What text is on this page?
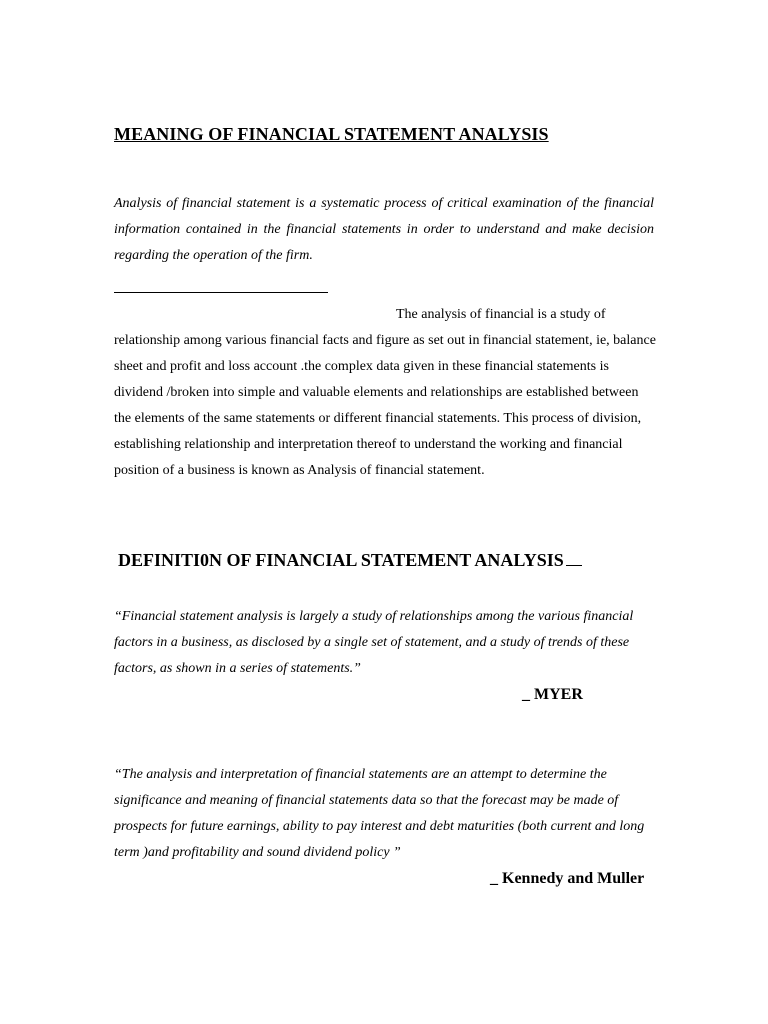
MEANING OF FINANCIAL STATEMENT ANALYSIS

Analysis of financial statement is a systematic process of critical examination of the financial information contained in the financial statements in order to understand and make decision regarding the operation of the firm.

The analysis of financial is a study of relationship among various financial facts and figure as set out in financial statement, ie, balance sheet and profit and loss account .the complex data given in these financial statements is dividend /broken into simple and valuable elements and relationships are established between the elements of the same statements or different financial statements. This process of division, establishing relationship and interpretation thereof to understand the working and financial position of a business is known as Analysis of financial statement.

DEFINITI0N OF FINANCIAL STATEMENT ANALYSIS

“Financial statement analysis is largely a study of relationships among the various financial factors in a business, as disclosed by a single set of statement, and a study of trends of these factors, as shown in a series of statements.”

_ MYER

“The analysis and interpretation of financial statements are an attempt to determine the significance and meaning of financial statements data so that the forecast may be made of prospects for future earnings, ability to pay interest and debt maturities (both current and long term )and profitability and sound dividend policy ”

_ Kennedy and Muller
